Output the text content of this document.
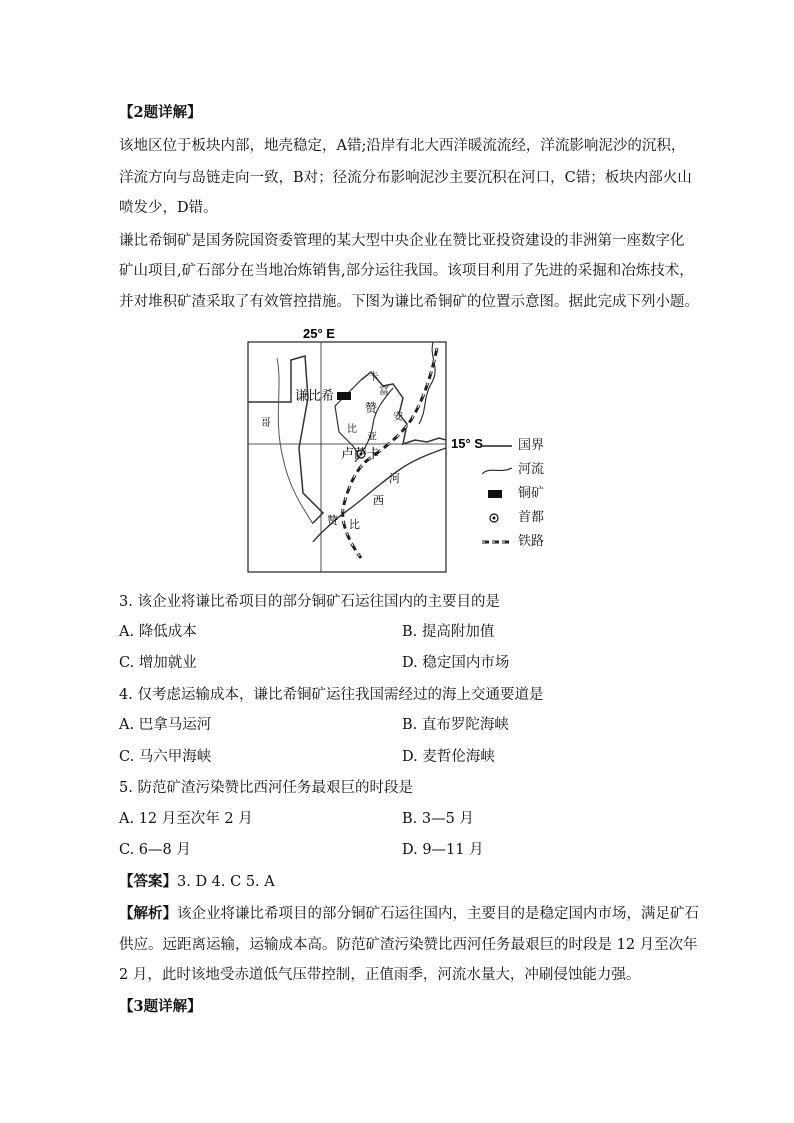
【2题详解】
该地区位于板块内部，地壳稳定，A错;沿岸有北大西洋暖流流经，洋流影响泥沙的沉积，
洋流方向与岛链走向一致，B对；径流分布影响泥沙主要沉积在河口，C错；板块内部火山
喷发少，D错。
谦比希铜矿是国务院国资委管理的某大型中央企业在赞比亚投资建设的非洲第一座数字化
矿山项目,矿石部分在当地冶炼销售,部分运往我国。该项目利用了先进的采掘和冶炼技术，
并对堆积矿渣采取了有效管控措施。下图为谦比希铜矿的位置示意图。据此完成下列小题。
25° E
15° S
谦比希
卢萨卡
卡
富
安
哥
赞
比
亚
赞 比
西
河
国界
河流
铜矿
首都
铁路
3. 该企业将谦比希项目的部分铜矿石运往国内的主要目的是
A. 降低成本	B. 提高附加值
C. 增加就业	D. 稳定国内市场
4. 仅考虑运输成本，谦比希铜矿运往我国需经过的海上交通要道是
A. 巴拿马运河	B. 直布罗陀海峡
C. 马六甲海峡	D. 麦哲伦海峡
5. 防范矿渣污染赞比西河任务最艰巨的时段是
A. 12 月至次年 2 月	B. 3—5 月
C. 6—8 月	D. 9—11 月
【答案】3. D 4. C 5. A
【解析】该企业将谦比希项目的部分铜矿石运往国内，主要目的是稳定国内市场，满足矿石
供应。远距离运输，运输成本高。防范矿渣污染赞比西河任务最艰巨的时段是 12 月至次年
2 月，此时该地受赤道低气压带控制，正值雨季，河流水量大，冲刷侵蚀能力强。
【3题详解】
